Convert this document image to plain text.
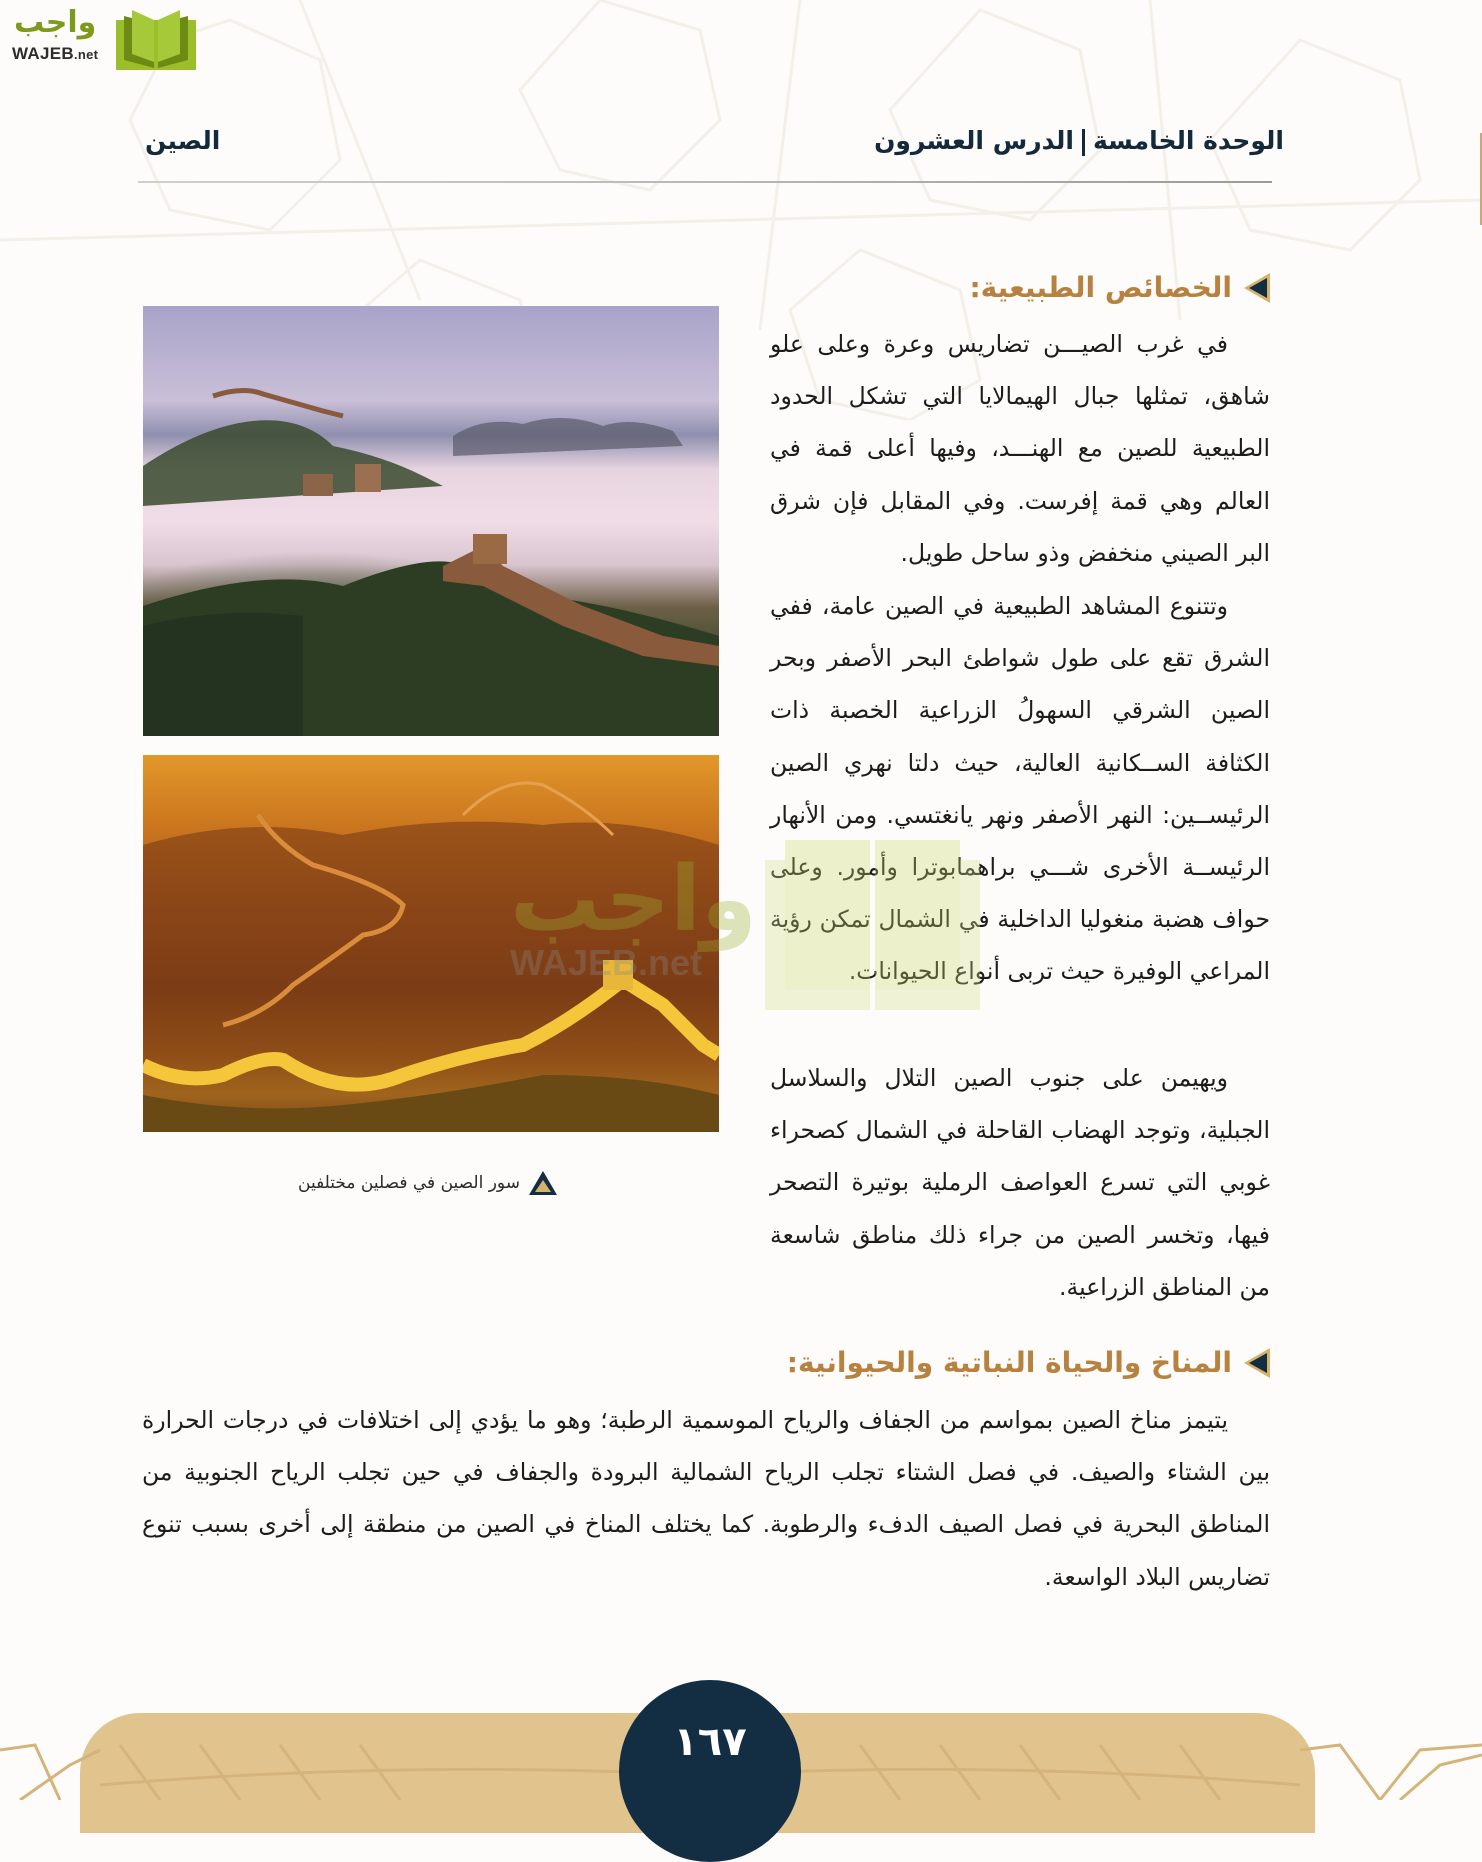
واجب
WAJEB.net
الوحدة الخامسةالدرس العشرون
الصين
الخصائص الطبيعية:
في غرب الصيـــن تضاريس وعرة وعلى علو شاهق، تمثلها جبال الهيمالايا التي تشكل الحدود الطبيعية للصين مع الهنـــد، وفيها أعلى قمة في العالم وهي قمة إفرست. وفي المقابل فإن شرق البر الصيني منخفض وذو ساحل طويل.
وتتنوع المشاهد الطبيعية في الصين عامة، ففي الشرق تقع على طول شواطئ البحر الأصفر وبحر الصين الشرقي السهولُ الزراعية الخصبة ذات الكثافة الســكانية العالية، حيث دلتا نهري الصين الرئيســين: النهر الأصفر ونهر يانغتسي. ومن الأنهار الرئيســة الأخرى شـــي براهمابوترا وأمور. وعلى حواف هضبة منغوليا الداخلية في الشمال تمكن رؤية المراعي الوفيرة حيث تربى أنواع الحيوانات.
ويهيمن على جنوب الصين التلال والسلاسل الجبلية، وتوجد الهضاب القاحلة في الشمال كصحراء غوبي التي تسرع العواصف الرملية بوتيرة التصحر فيها، وتخسر الصين من جراء ذلك مناطق شاسعة من المناطق الزراعية.
سور الصين في فصلين مختلفين
المناخ والحياة النباتية والحيوانية:
يتيمز مناخ الصين بمواسم من الجفاف والرياح الموسمية الرطبة؛ وهو ما يؤدي إلى اختلافات في درجات الحرارة بين الشتاء والصيف. في فصل الشتاء تجلب الرياح الشمالية البرودة والجفاف في حين تجلب الرياح الجنوبية من المناطق البحرية في فصل الصيف الدفء والرطوبة. كما يختلف المناخ في الصين من منطقة إلى أخرى بسبب تنوع تضاريس البلاد الواسعة.
واجب
WAJEB.net
١٦٧
